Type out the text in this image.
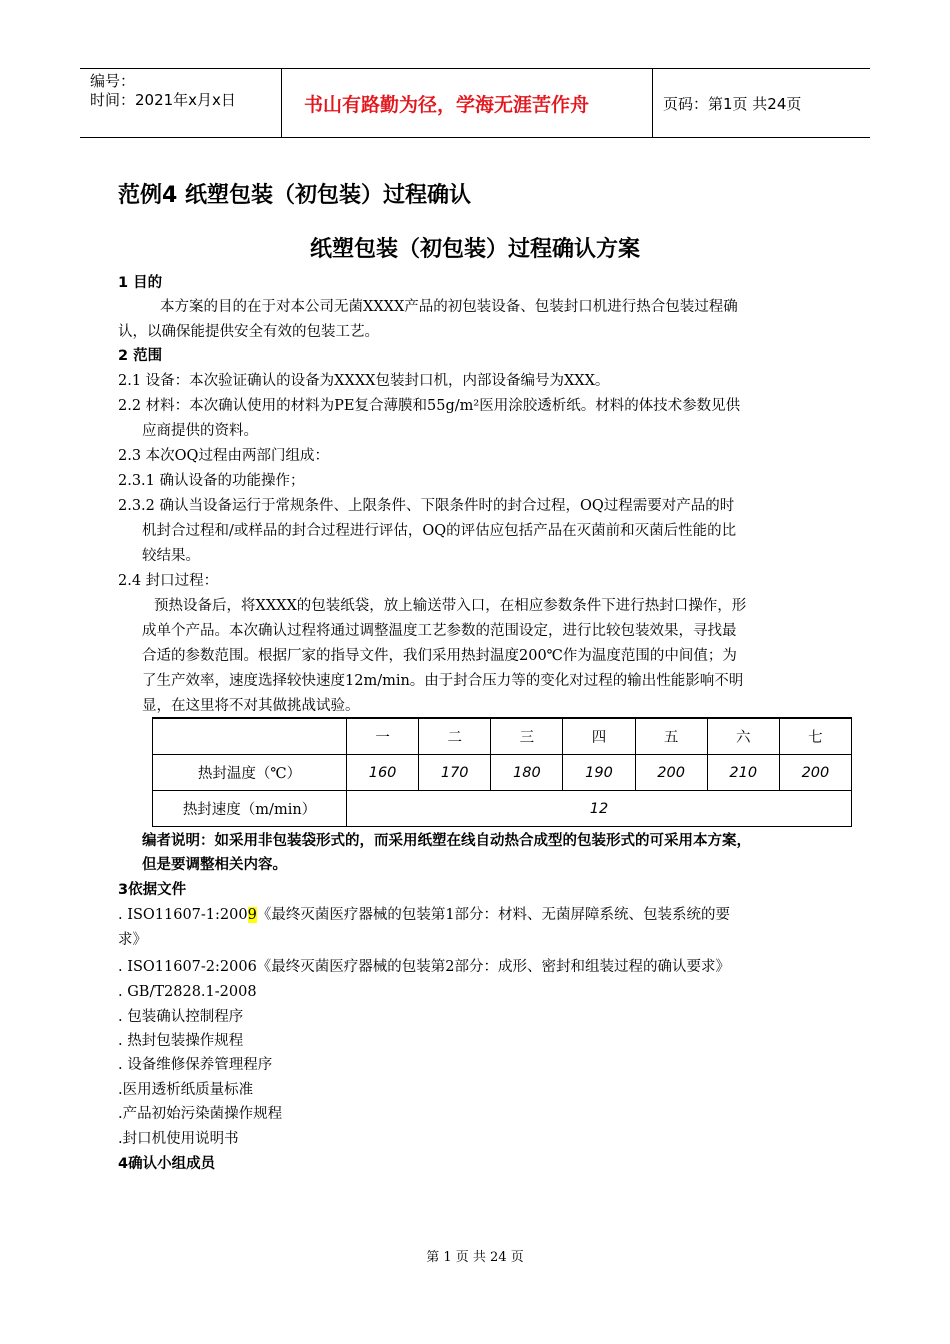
编号：
时间：2021年x月x日	书山有路勤为径，学海无涯苦作舟	页码：第1页 共24页
范例4 纸塑包装（初包装）过程确认
纸塑包装（初包装）过程确认方案
1 目的
本方案的目的在于对本公司无菌XXXX产品的初包装设备、包装封口机进行热合包装过程确
认，以确保能提供安全有效的包装工艺。
2 范围
2.1 设备：本次验证确认的设备为XXXX包装封口机，内部设备编号为XXX。
2.2 材料：本次确认使用的材料为PE复合薄膜和55g/m²医用涂胶透析纸。材料的体技术参数见供
应商提供的资料。
2.3 本次OQ过程由两部门组成：
2.3.1 确认设备的功能操作；
2.3.2 确认当设备运行于常规条件、上限条件、下限条件时的封合过程，OQ过程需要对产品的时
机封合过程和/或样品的封合过程进行评估，OQ的评估应包括产品在灭菌前和灭菌后性能的比
较结果。
2.4 封口过程：
预热设备后，将XXXX的包装纸袋，放上输送带入口，在相应参数条件下进行热封口操作，形
成单个产品。本次确认过程将通过调整温度工艺参数的范围设定，进行比较包装效果，寻找最
合适的参数范围。根据厂家的指导文件，我们采用热封温度200℃作为温度范围的中间值；为
了生产效率，速度选择较快速度12m/min。由于封合压力等的变化对过程的输出性能影响不明
显，在这里将不对其做挑战试验。
	一	二	三	四	五	六	七
热封温度（℃）	160	170	180	190	200	210	200
热封速度（m/min）	12						
编者说明：如采用非包装袋形式的，而采用纸塑在线自动热合成型的包装形式的可采用本方案，
但是要调整相关内容。
3依据文件
. ISO11607-1:2009《最终灭菌医疗器械的包装第1部分：材料、无菌屏障系统、包装系统的要
求》
. ISO11607-2:2006《最终灭菌医疗器械的包装第2部分：成形、密封和组装过程的确认要求》
. GB/T2828.1-2008
. 包装确认控制程序
. 热封包装操作规程
. 设备维修保养管理程序
.医用透析纸质量标准
.产品初始污染菌操作规程
.封口机使用说明书
4确认小组成员
第 1 页 共 24 页
